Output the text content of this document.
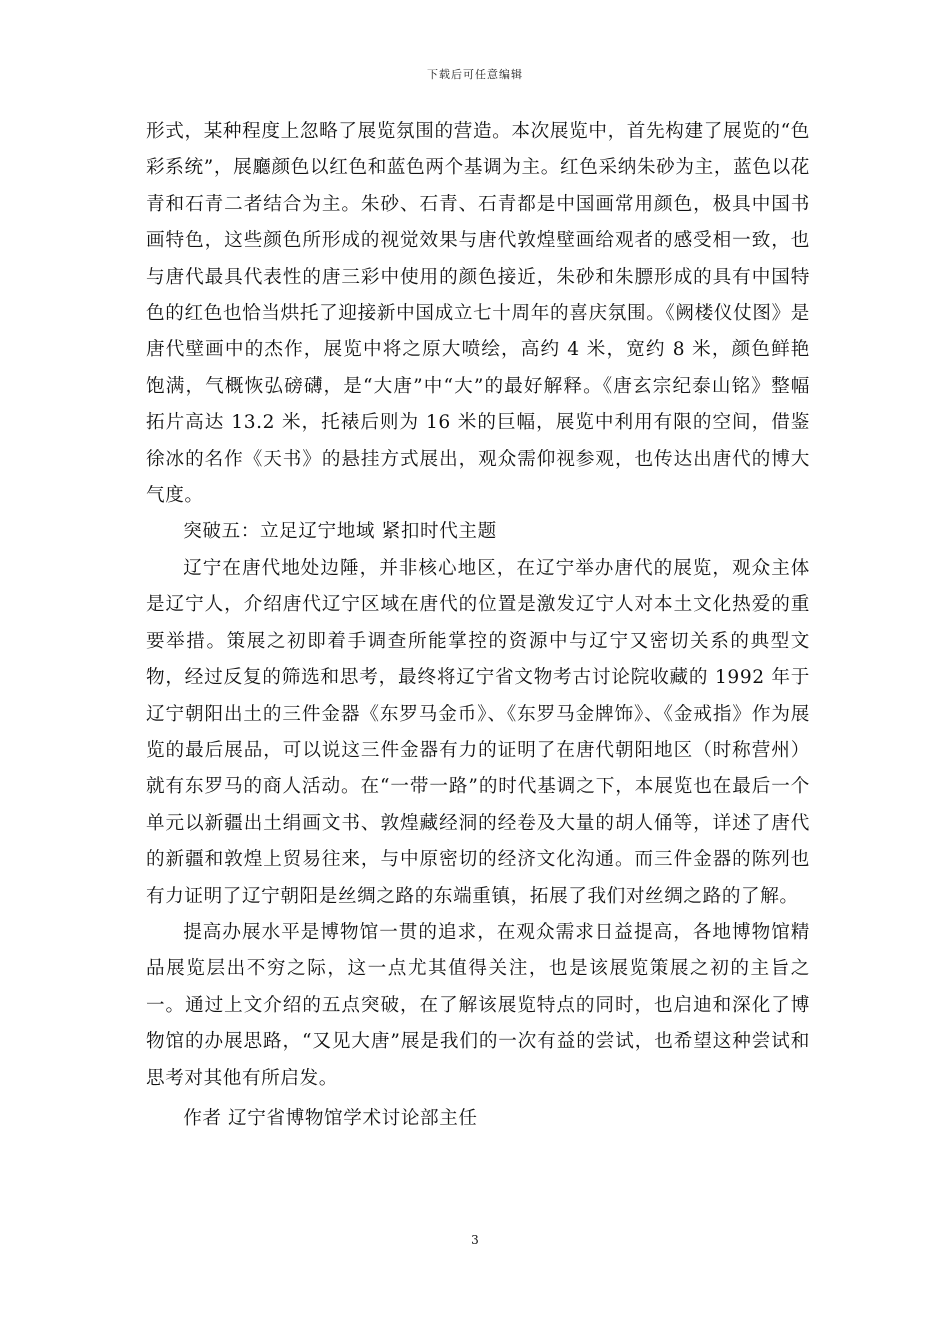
下载后可任意编辑

形式，某种程度上忽略了展览氛围的营造。本次展览中，首先构建了展览的“色彩系统”，展廳颜色以红色和蓝色两个基调为主。红色采纳朱砂为主，蓝色以花青和石青二者结合为主。朱砂、石青、石青都是中国画常用颜色，极具中国书画特色，这些颜色所形成的视觉效果与唐代敦煌壁画给观者的感受相一致，也与唐代最具代表性的唐三彩中使用的颜色接近，朱砂和朱膘形成的具有中国特色的红色也恰当烘托了迎接新中国成立七十周年的喜庆氛围。《阙楼仪仗图》是唐代壁画中的杰作，展览中将之原大喷绘，高约 4 米，宽约 8 米，颜色鲜艳饱满，气概恢弘磅礴，是“大唐”中“大”的最好解释。《唐玄宗纪泰山铭》整幅拓片高达 13.2 米，托裱后则为 16 米的巨幅，展览中利用有限的空间，借鉴徐冰的名作《天书》的悬挂方式展出，观众需仰视参观，也传达出唐代的博大气度。

突破五：立足辽宁地域 紧扣时代主题

辽宁在唐代地处边陲，并非核心地区，在辽宁举办唐代的展览，观众主体是辽宁人，介绍唐代辽宁区域在唐代的位置是激发辽宁人对本土文化热爱的重要举措。策展之初即着手调查所能掌控的资源中与辽宁又密切关系的典型文物，经过反复的筛选和思考，最终将辽宁省文物考古讨论院收藏的 1992 年于辽宁朝阳出土的三件金器《东罗马金币》、《东罗马金牌饰》、《金戒指》作为展览的最后展品，可以说这三件金器有力的证明了在唐代朝阳地区（时称营州）就有东罗马的商人活动。在“一带一路”的时代基调之下，本展览也在最后一个单元以新疆出土绢画文书、敦煌藏经洞的经卷及大量的胡人俑等，详述了唐代的新疆和敦煌上贸易往来，与中原密切的经济文化沟通。而三件金器的陈列也有力证明了辽宁朝阳是丝绸之路的东端重镇，拓展了我们对丝绸之路的了解。

提高办展水平是博物馆一贯的追求，在观众需求日益提高，各地博物馆精品展览层出不穷之际，这一点尤其值得关注，也是该展览策展之初的主旨之一。通过上文介绍的五点突破，在了解该展览特点的同时，也启迪和深化了博物馆的办展思路，“又见大唐”展是我们的一次有益的尝试，也希望这种尝试和思考对其他有所启发。

作者 辽宁省博物馆学术讨论部主任

3
